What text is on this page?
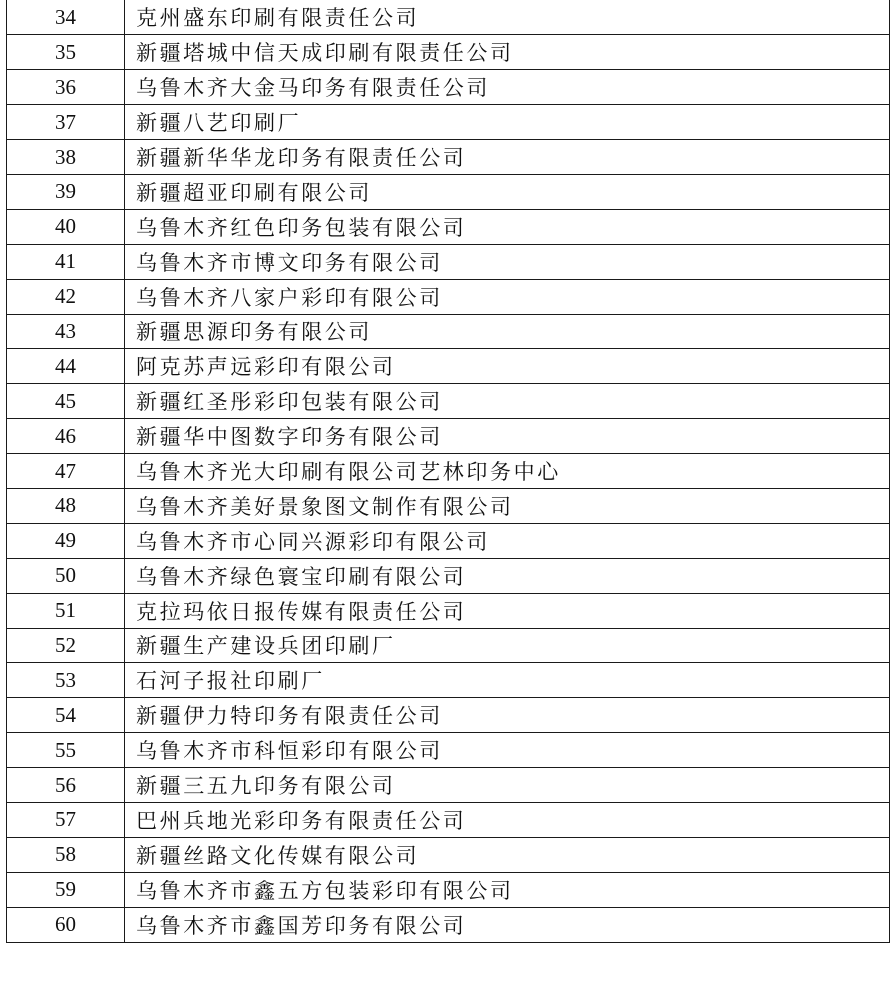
34	克州盛东印刷有限责任公司
35	新疆塔城中信天成印刷有限责任公司
36	乌鲁木齐大金马印务有限责任公司
37	新疆八艺印刷厂
38	新疆新华华龙印务有限责任公司
39	新疆超亚印刷有限公司
40	乌鲁木齐红色印务包装有限公司
41	乌鲁木齐市博文印务有限公司
42	乌鲁木齐八家户彩印有限公司
43	新疆思源印务有限公司
44	阿克苏声远彩印有限公司
45	新疆红圣彤彩印包装有限公司
46	新疆华中图数字印务有限公司
47	乌鲁木齐光大印刷有限公司艺林印务中心
48	乌鲁木齐美好景象图文制作有限公司
49	乌鲁木齐市心同兴源彩印有限公司
50	乌鲁木齐绿色寰宝印刷有限公司
51	克拉玛依日报传媒有限责任公司
52	新疆生产建设兵团印刷厂
53	石河子报社印刷厂
54	新疆伊力特印务有限责任公司
55	乌鲁木齐市科恒彩印有限公司
56	新疆三五九印务有限公司
57	巴州兵地光彩印务有限责任公司
58	新疆丝路文化传媒有限公司
59	乌鲁木齐市鑫五方包装彩印有限公司
60	乌鲁木齐市鑫国芳印务有限公司
